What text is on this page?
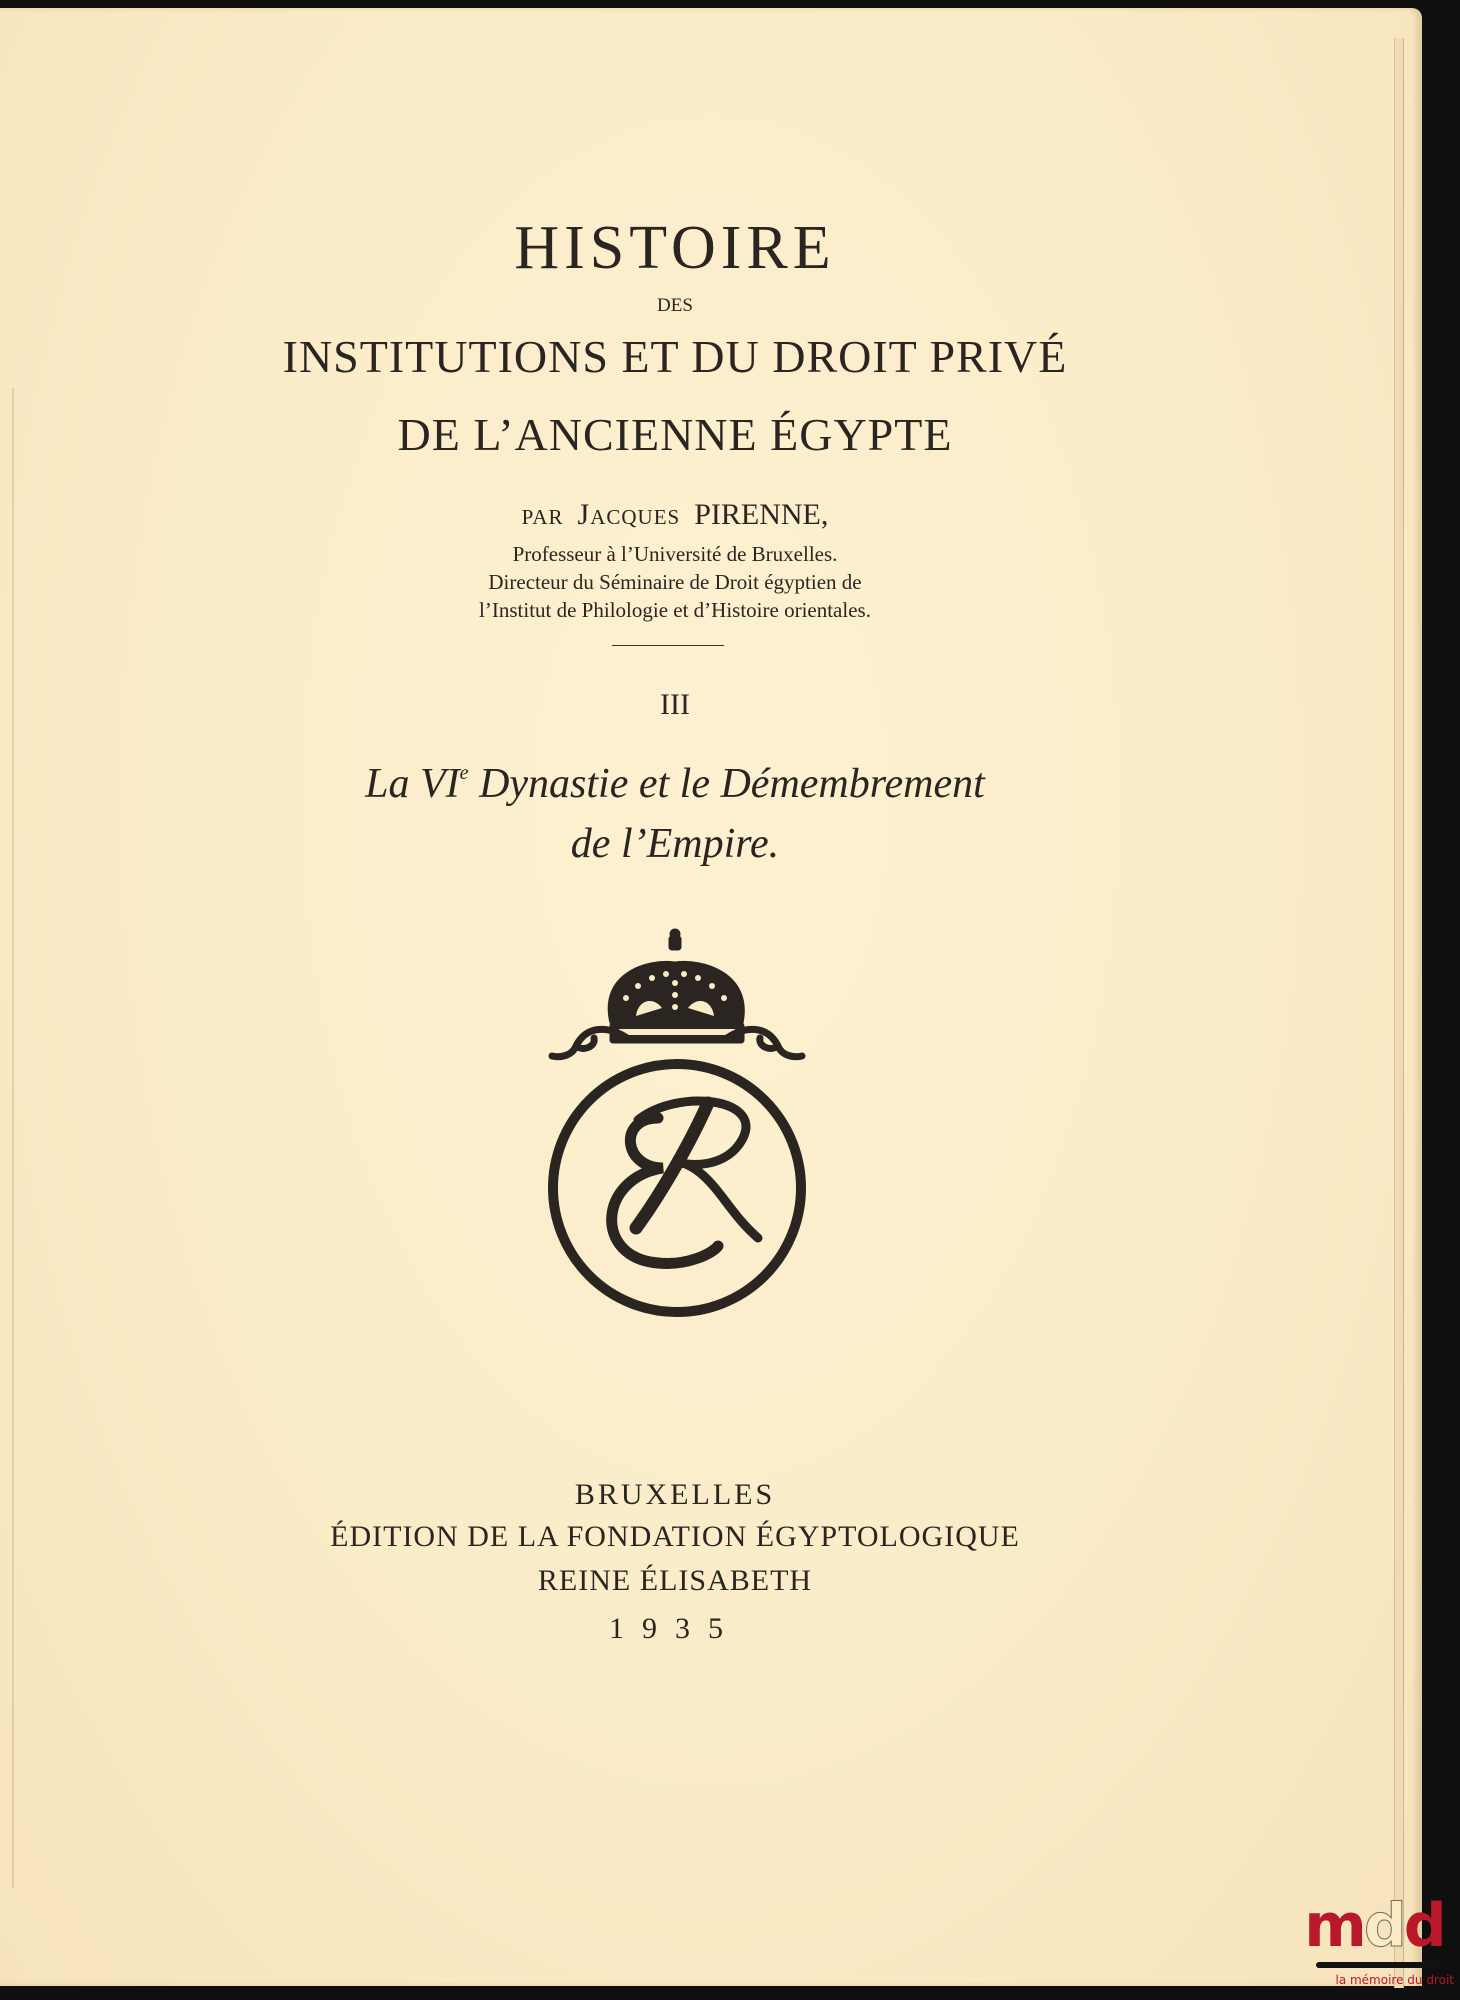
HISTOIRE
DES
INSTITUTIONS ET DU DROIT PRIVÉ
DE L’ANCIENNE ÉGYPTE
par Jacques PIRENNE,
Professeur à l’Université de Bruxelles.
Directeur du Séminaire de Droit égyptien de
l’Institut de Philologie et d’Histoire orientales.
III
La VIe Dynastie et le Démembrement
de l’Empire.
BRUXELLES
ÉDITION DE LA FONDATION ÉGYPTOLOGIQUE
REINE ÉLISABETH
1935
mdd
la mémoire du droit
